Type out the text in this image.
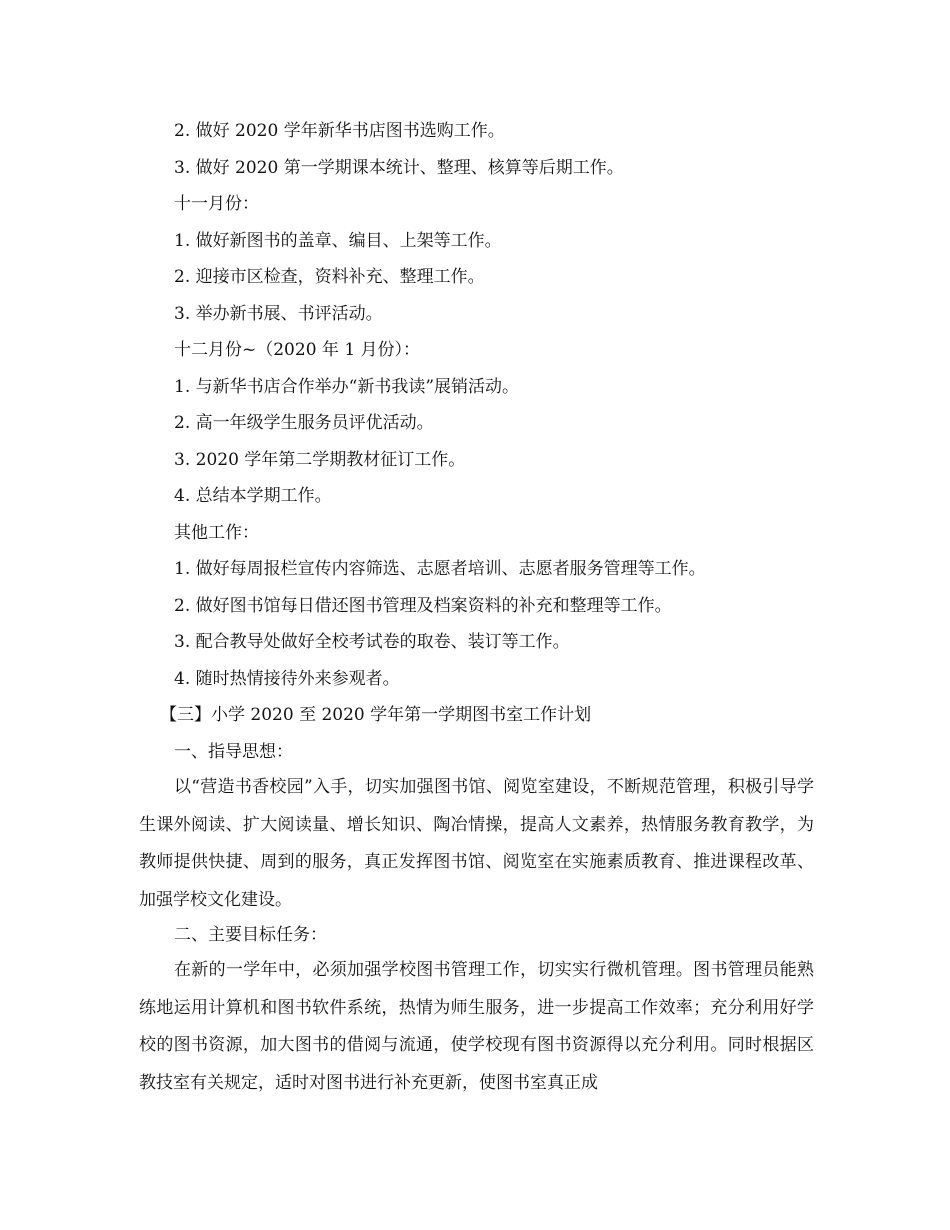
2. 做好 2020 学年新华书店图书选购工作。
3. 做好 2020 第一学期课本统计、整理、核算等后期工作。
十一月份：
1. 做好新图书的盖章、编目、上架等工作。
2. 迎接市区检查，资料补充、整理工作。
3. 举办新书展、书评活动。
十二月份~（2020 年 1 月份）：
1. 与新华书店合作举办“新书我读”展销活动。
2. 高一年级学生服务员评优活动。
3. 2020 学年第二学期教材征订工作。
4. 总结本学期工作。
其他工作：
1. 做好每周报栏宣传内容筛选、志愿者培训、志愿者服务管理等工作。
2. 做好图书馆每日借还图书管理及档案资料的补充和整理等工作。
3. 配合教导处做好全校考试卷的取卷、装订等工作。
4. 随时热情接待外来参观者。
【三】小学 2020 至 2020 学年第一学期图书室工作计划
一、指导思想：
以“营造书香校园”入手，切实加强图书馆、阅览室建设，不断规范管理，积极引导学生课外阅读、扩大阅读量、增长知识、陶冶情操，提高人文素养，热情服务教育教学，为教师提供快捷、周到的服务，真正发挥图书馆、阅览室在实施素质教育、推进课程改革、加强学校文化建设。
二、主要目标任务：
在新的一学年中，必须加强学校图书管理工作，切实实行微机管理。图书管理员能熟练地运用计算机和图书软件系统，热情为师生服务，进一步提高工作效率；充分利用好学校的图书资源，加大图书的借阅与流通，使学校现有图书资源得以充分利用。同时根据区教技室有关规定，适时对图书进行补充更新，使图书室真正成
